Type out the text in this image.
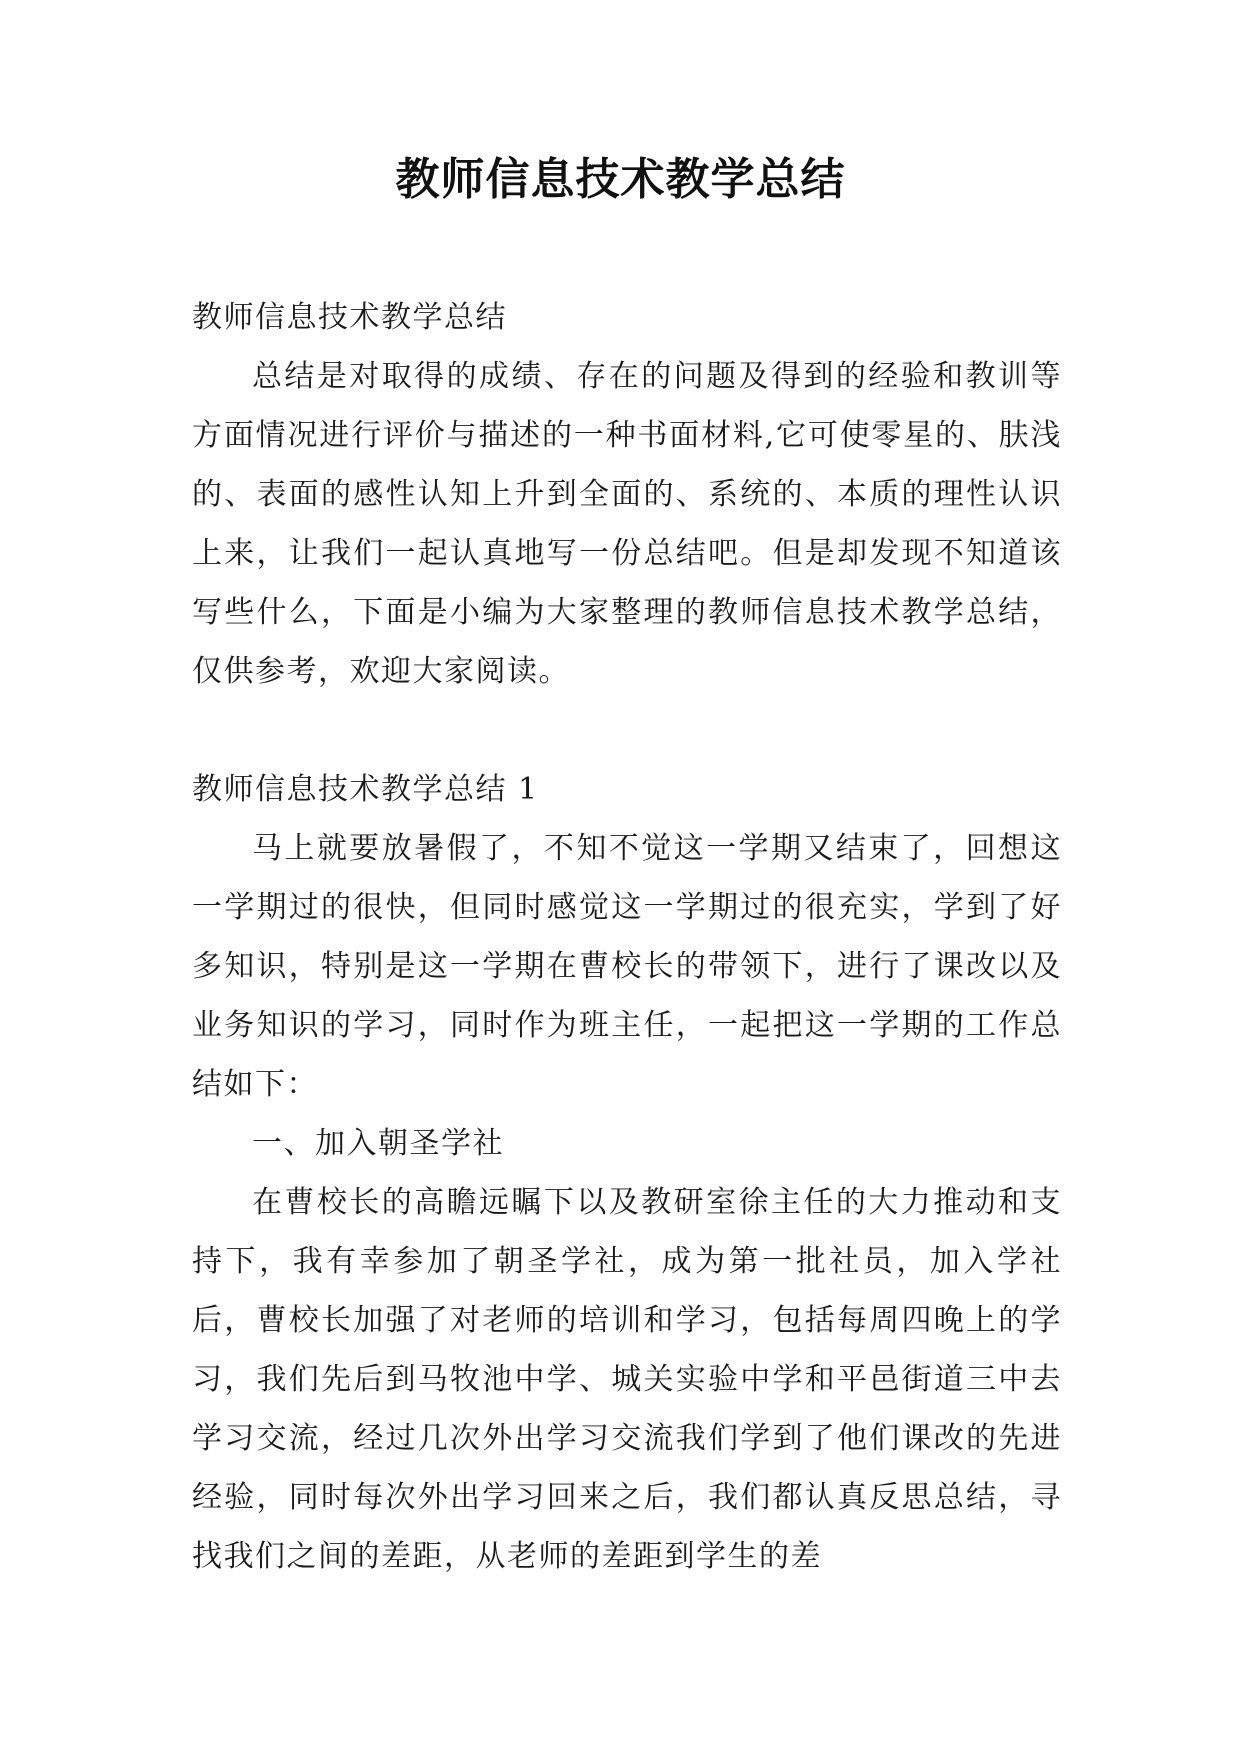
教师信息技术教学总结

教师信息技术教学总结

总结是对取得的成绩、存在的问题及得到的经验和教训等方面情况进行评价与描述的一种书面材料,它可使零星的、肤浅的、表面的感性认知上升到全面的、系统的、本质的理性认识上来，让我们一起认真地写一份总结吧。但是却发现不知道该写些什么，下面是小编为大家整理的教师信息技术教学总结，仅供参考，欢迎大家阅读。

教师信息技术教学总结 1

马上就要放暑假了，不知不觉这一学期又结束了，回想这一学期过的很快，但同时感觉这一学期过的很充实，学到了好多知识，特别是这一学期在曹校长的带领下，进行了课改以及业务知识的学习，同时作为班主任，一起把这一学期的工作总结如下：

一、加入朝圣学社

在曹校长的高瞻远瞩下以及教研室徐主任的大力推动和支持下，我有幸参加了朝圣学社，成为第一批社员，加入学社后，曹校长加强了对老师的培训和学习，包括每周四晚上的学习，我们先后到马牧池中学、城关实验中学和平邑街道三中去学习交流，经过几次外出学习交流我们学到了他们课改的先进经验，同时每次外出学习回来之后，我们都认真反思总结，寻找我们之间的差距，从老师的差距到学生的差
